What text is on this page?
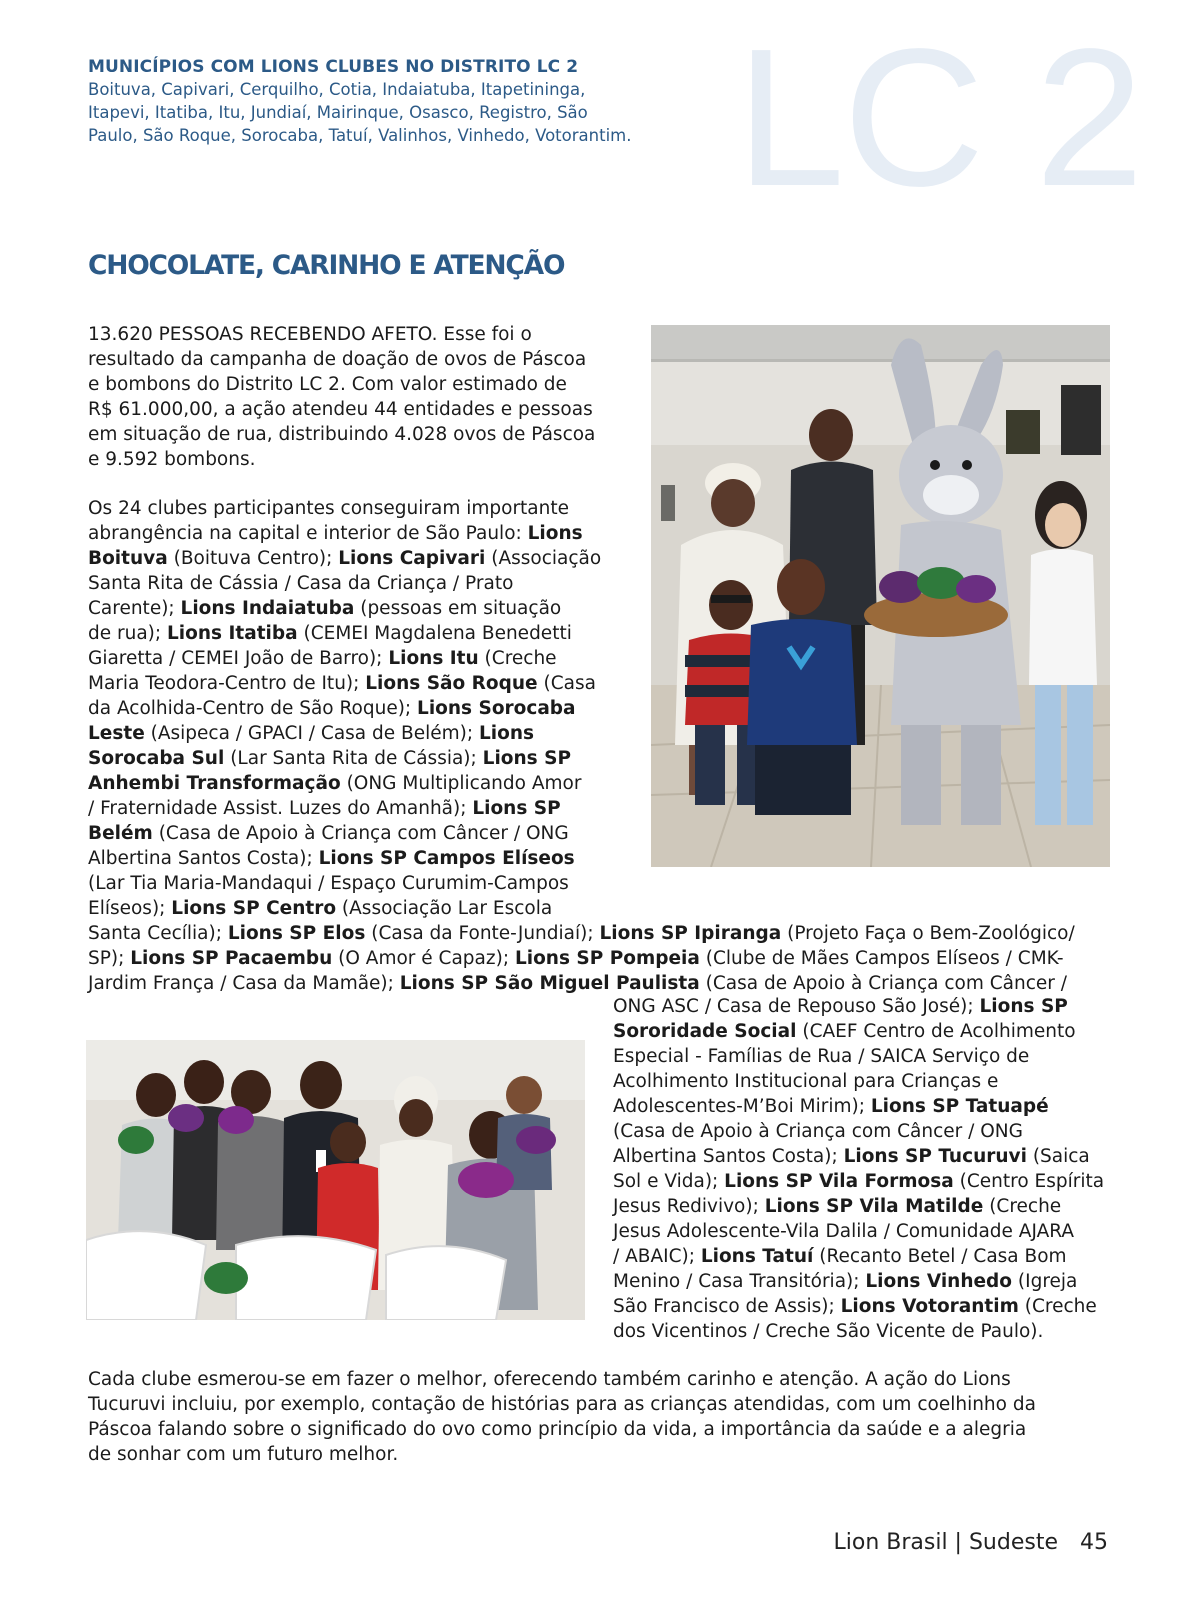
LC 2
MUNICÍPIOS COM LIONS CLUBES NO DISTRITO LC 2
Boituva, Capivari, Cerquilho, Cotia, Indaiatuba, Itapetininga,
Itapevi, Itatiba, Itu, Jundiaí, Mairinque, Osasco, Registro, São
Paulo, São Roque, Sorocaba, Tatuí, Valinhos, Vinhedo, Votorantim.
CHOCOLATE, CARINHO E ATENÇÃO
13.620 PESSOAS RECEBENDO AFETO. Esse foi o
resultado da campanha de doação de ovos de Páscoa
e bombons do Distrito LC 2. Com valor estimado de
R$ 61.000,00, a ação atendeu 44 entidades e pessoas
em situação de rua, distribuindo 4.028 ovos de Páscoa
e 9.592 bombons.
Os 24 clubes participantes conseguiram importante
abrangência na capital e interior de São Paulo: Lions
Boituva (Boituva Centro); Lions Capivari (Associação
Santa Rita de Cássia / Casa da Criança / Prato
Carente); Lions Indaiatuba (pessoas em situação
de rua); Lions Itatiba (CEMEI Magdalena Benedetti
Giaretta / CEMEI João de Barro); Lions Itu (Creche
Maria Teodora-Centro de Itu); Lions São Roque (Casa
da Acolhida-Centro de São Roque); Lions Sorocaba
Leste (Asipeca / GPACI / Casa de Belém); Lions
Sorocaba Sul (Lar Santa Rita de Cássia); Lions SP
Anhembi Transformação (ONG Multiplicando Amor
/ Fraternidade Assist. Luzes do Amanhã); Lions SP
Belém (Casa de Apoio à Criança com Câncer / ONG
Albertina Santos Costa); Lions SP Campos Elíseos
(Lar Tia Maria-Mandaqui / Espaço Curumim-Campos
Elíseos); Lions SP Centro (Associação Lar Escola
Santa Cecília); Lions SP Elos (Casa da Fonte-Jundiaí); Lions SP Ipiranga (Projeto Faça o Bem-Zoológico/
SP); Lions SP Pacaembu (O Amor é Capaz); Lions SP Pompeia (Clube de Mães Campos Elíseos / CMK-
Jardim França / Casa da Mamãe); Lions SP São Miguel Paulista (Casa de Apoio à Criança com Câncer /
ONG ASC / Casa de Repouso São José); Lions SP
Sororidade Social (CAEF Centro de Acolhimento
Especial - Famílias de Rua / SAICA Serviço de
Acolhimento Institucional para Crianças e
Adolescentes-M’Boi Mirim); Lions SP Tatuapé
(Casa de Apoio à Criança com Câncer / ONG
Albertina Santos Costa); Lions SP Tucuruvi (Saica
Sol e Vida); Lions SP Vila Formosa (Centro Espírita
Jesus Redivivo); Lions SP Vila Matilde (Creche
Jesus Adolescente-Vila Dalila / Comunidade AJARA
/ ABAIC); Lions Tatuí (Recanto Betel / Casa Bom
Menino / Casa Transitória); Lions Vinhedo (Igreja
São Francisco de Assis); Lions Votorantim (Creche
dos Vicentinos / Creche São Vicente de Paulo).
Cada clube esmerou-se em fazer o melhor, oferecendo também carinho e atenção. A ação do Lions
Tucuruvi incluiu, por exemplo, contação de histórias para as crianças atendidas, com um coelhinho da
Páscoa falando sobre o significado do ovo como princípio da vida, a importância da saúde e a alegria
de sonhar com um futuro melhor.
Lion Brasil | Sudeste 45
